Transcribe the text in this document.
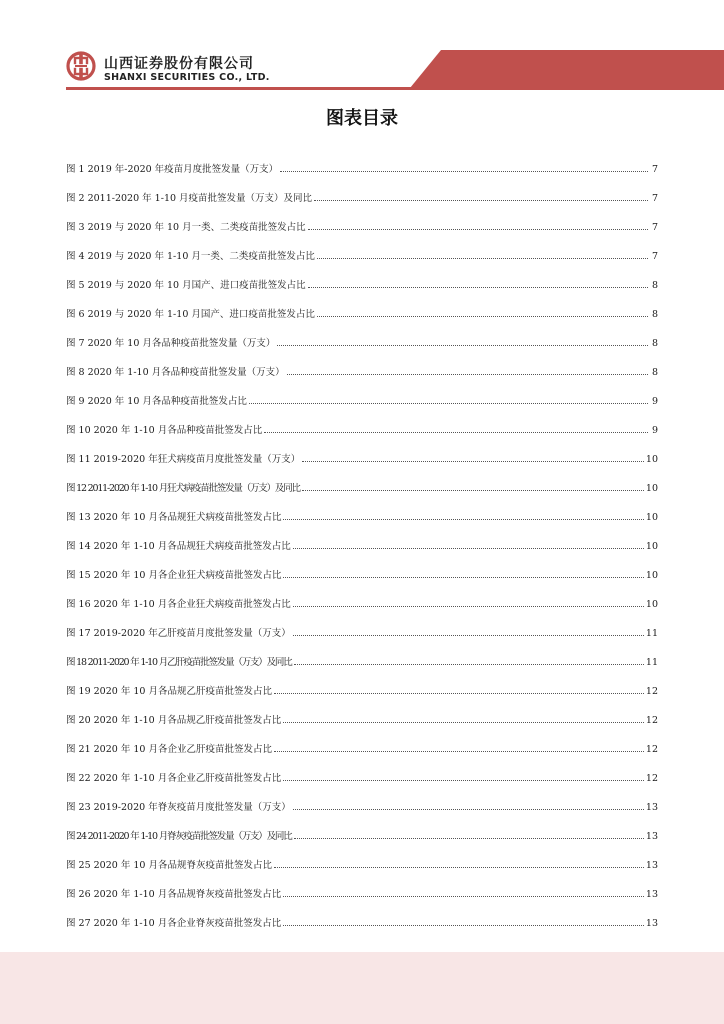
山西证券股份有限公司
SHANXI SECURITIES CO., LTD.
图表目录
图 1 2019 年-2020 年疫苗月度批签发量（万支）	7
图 2 2011-2020 年 1-10 月疫苗批签发量（万支）及同比	7
图 3 2019 与 2020 年 10 月一类、二类疫苗批签发占比	7
图 4 2019 与 2020 年 1-10 月一类、二类疫苗批签发占比	7
图 5 2019 与 2020 年 10 月国产、进口疫苗批签发占比	8
图 6 2019 与 2020 年 1-10 月国产、进口疫苗批签发占比	8
图 7 2020 年 10 月各品种疫苗批签发量（万支）	8
图 8 2020 年 1-10 月各品种疫苗批签发量（万支）	8
图 9 2020 年 10 月各品种疫苗批签发占比	9
图 10 2020 年 1-10 月各品种疫苗批签发占比	9
图 11 2019-2020 年狂犬病疫苗月度批签发量（万支）	10
图 12 2011-2020 年 1-10 月狂犬病疫苗批签发量（万支）及同比	10
图 13 2020 年 10 月各品规狂犬病疫苗批签发占比	10
图 14 2020 年 1-10 月各品规狂犬病疫苗批签发占比	10
图 15 2020 年 10 月各企业狂犬病疫苗批签发占比	10
图 16 2020 年 1-10 月各企业狂犬病疫苗批签发占比	10
图 17 2019-2020 年乙肝疫苗月度批签发量（万支）	11
图 18 2011-2020 年 1-10 月乙肝疫苗批签发量（万支）及同比	11
图 19 2020 年 10 月各品规乙肝疫苗批签发占比	12
图 20 2020 年 1-10 月各品规乙肝疫苗批签发占比	12
图 21 2020 年 10 月各企业乙肝疫苗批签发占比	12
图 22 2020 年 1-10 月各企业乙肝疫苗批签发占比	12
图 23 2019-2020 年脊灰疫苗月度批签发量（万支）	13
图 24 2011-2020 年 1-10 月脊灰疫苗批签发量（万支）及同比	13
图 25 2020 年 10 月各品规脊灰疫苗批签发占比	13
图 26 2020 年 1-10 月各品规脊灰疫苗批签发占比	13
图 27 2020 年 1-10 月各企业脊灰疫苗批签发占比	13
